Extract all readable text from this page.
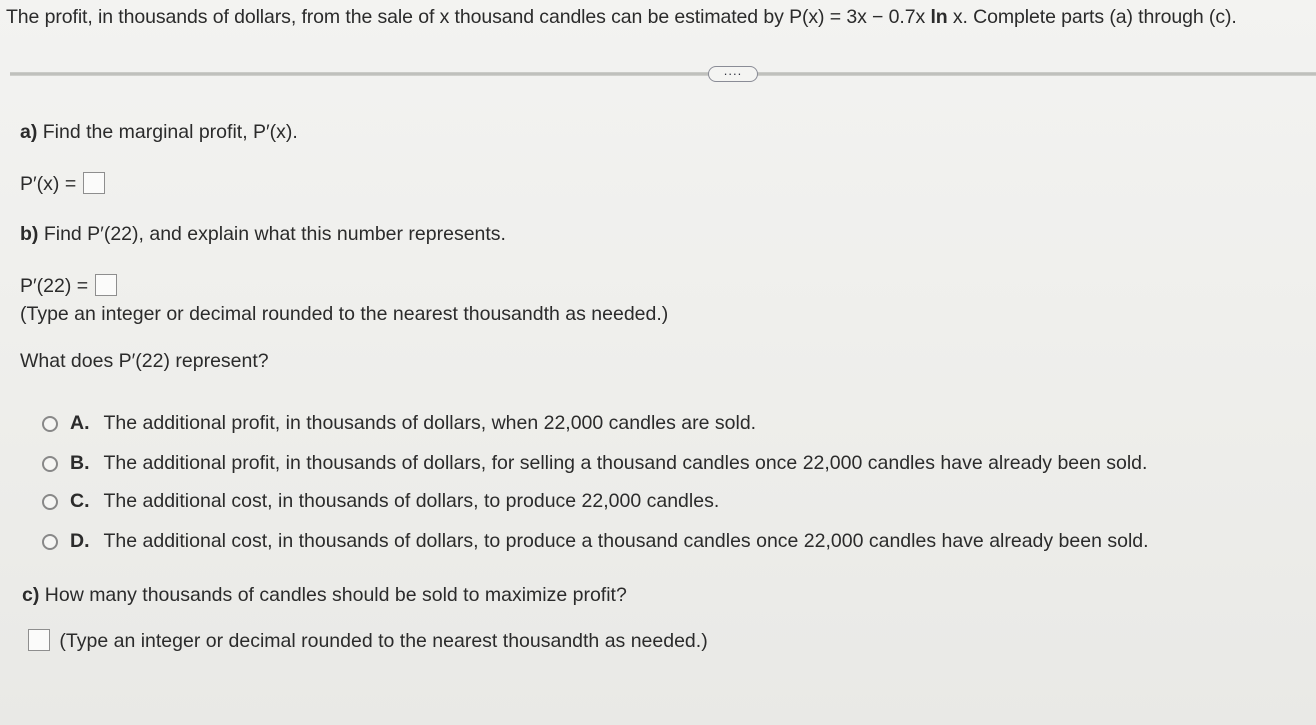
The profit, in thousands of dollars, from the sale of x thousand candles can be estimated by P(x) = 3x − 0.7x ln x. Complete parts (a) through (c).
....
a) Find the marginal profit, P′(x).
P′(x) =
b) Find P′(22), and explain what this number represents.
P′(22) =
(Type an integer or decimal rounded to the nearest thousandth as needed.)
What does P′(22) represent?
A. The additional profit, in thousands of dollars, when 22,000 candles are sold.
B. The additional profit, in thousands of dollars, for selling a thousand candles once 22,000 candles have already been sold.
C. The additional cost, in thousands of dollars, to produce 22,000 candles.
D. The additional cost, in thousands of dollars, to produce a thousand candles once 22,000 candles have already been sold.
c) How many thousands of candles should be sold to maximize profit?
(Type an integer or decimal rounded to the nearest thousandth as needed.)
